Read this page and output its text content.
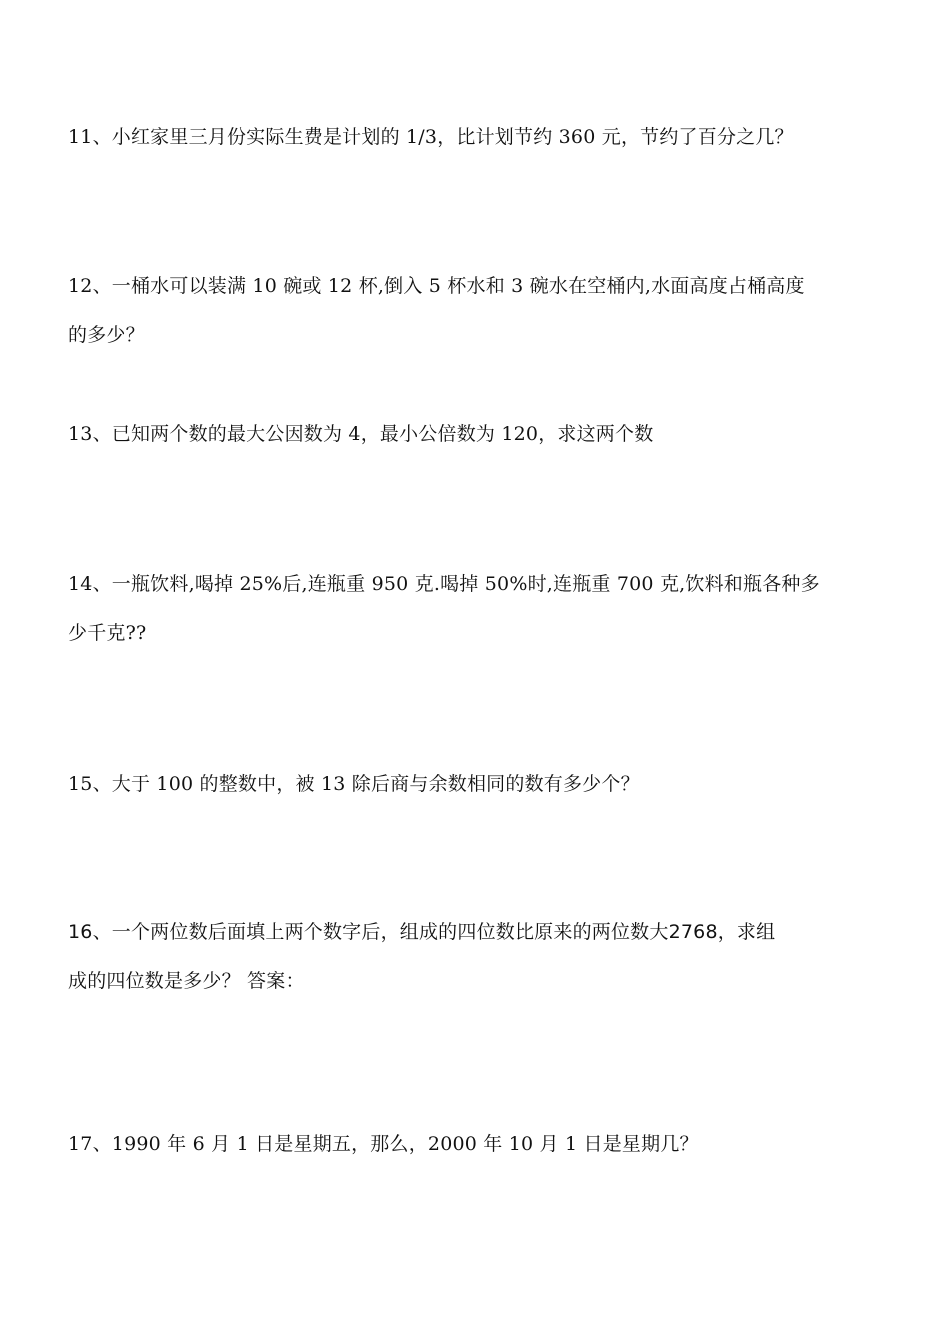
11、小红家里三月份实际生费是计划的 1/3，比计划节约 360 元，节约了百分之几？
12、一桶水可以装满 10 碗或 12 杯,倒入 5 杯水和 3 碗水在空桶内,水面高度占桶高度
的多少？
13、已知两个数的最大公因数为 4，最小公倍数为 120，求这两个数
14、一瓶饮料,喝掉 25%后,连瓶重 950 克.喝掉 50%时,连瓶重 700 克,饮料和瓶各种多
少千克??
15、大于 100 的整数中，被 13 除后商与余数相同的数有多少个？
16、一个两位数后面填上两个数字后，组成的四位数比原来的两位数大2768，求组
成的四位数是多少？ 答案：
17、1990 年 6 月 1 日是星期五，那么，2000 年 10 月 1 日是星期几？
